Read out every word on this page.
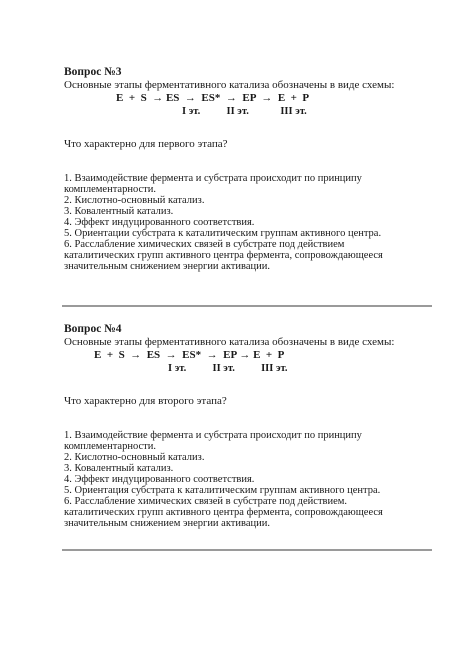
Вопрос №3
Основные этапы ферментативного катализа обозначены в виде схемы:
E  +  S  → ES  →  ES*  →  EP  →  E  +  P
I эт.          II эт.            III эт.
Что характерно для первого этапа?
1. Взаимодействие фермента и субстрата происходит по принципу
комплементарности.
2. Кислотно-основный катализ.
3. Ковалентный катализ.
4. Эффект индуцированного соответствия.
5. Ориентации субстрата к каталитическим группам активного центра.
6. Расслабление химических связей в субстрате под действием
каталитических групп активного центра фермента, сопровождающееся
значительным снижением энергии активации.
Вопрос №4
Основные этапы ферментативного катализа обозначены в виде схемы:
E  +  S  →  ES  →  ES*  →  EP → E  +  P
I эт.          II эт.          III эт.
Что характерно для второго этапа?
1. Взаимодействие фермента и субстрата происходит по принципу
комплементарности.
2. Кислотно-основный катализ.
3. Ковалентный катализ.
4. Эффект индуцированного соответствия.
5. Ориентация субстрата к каталитическим группам активного центра.
6. Расслабление химических связей в субстрате под действием.
каталитических групп активного центра фермента, сопровождающееся
значительным снижением энергии активации.
